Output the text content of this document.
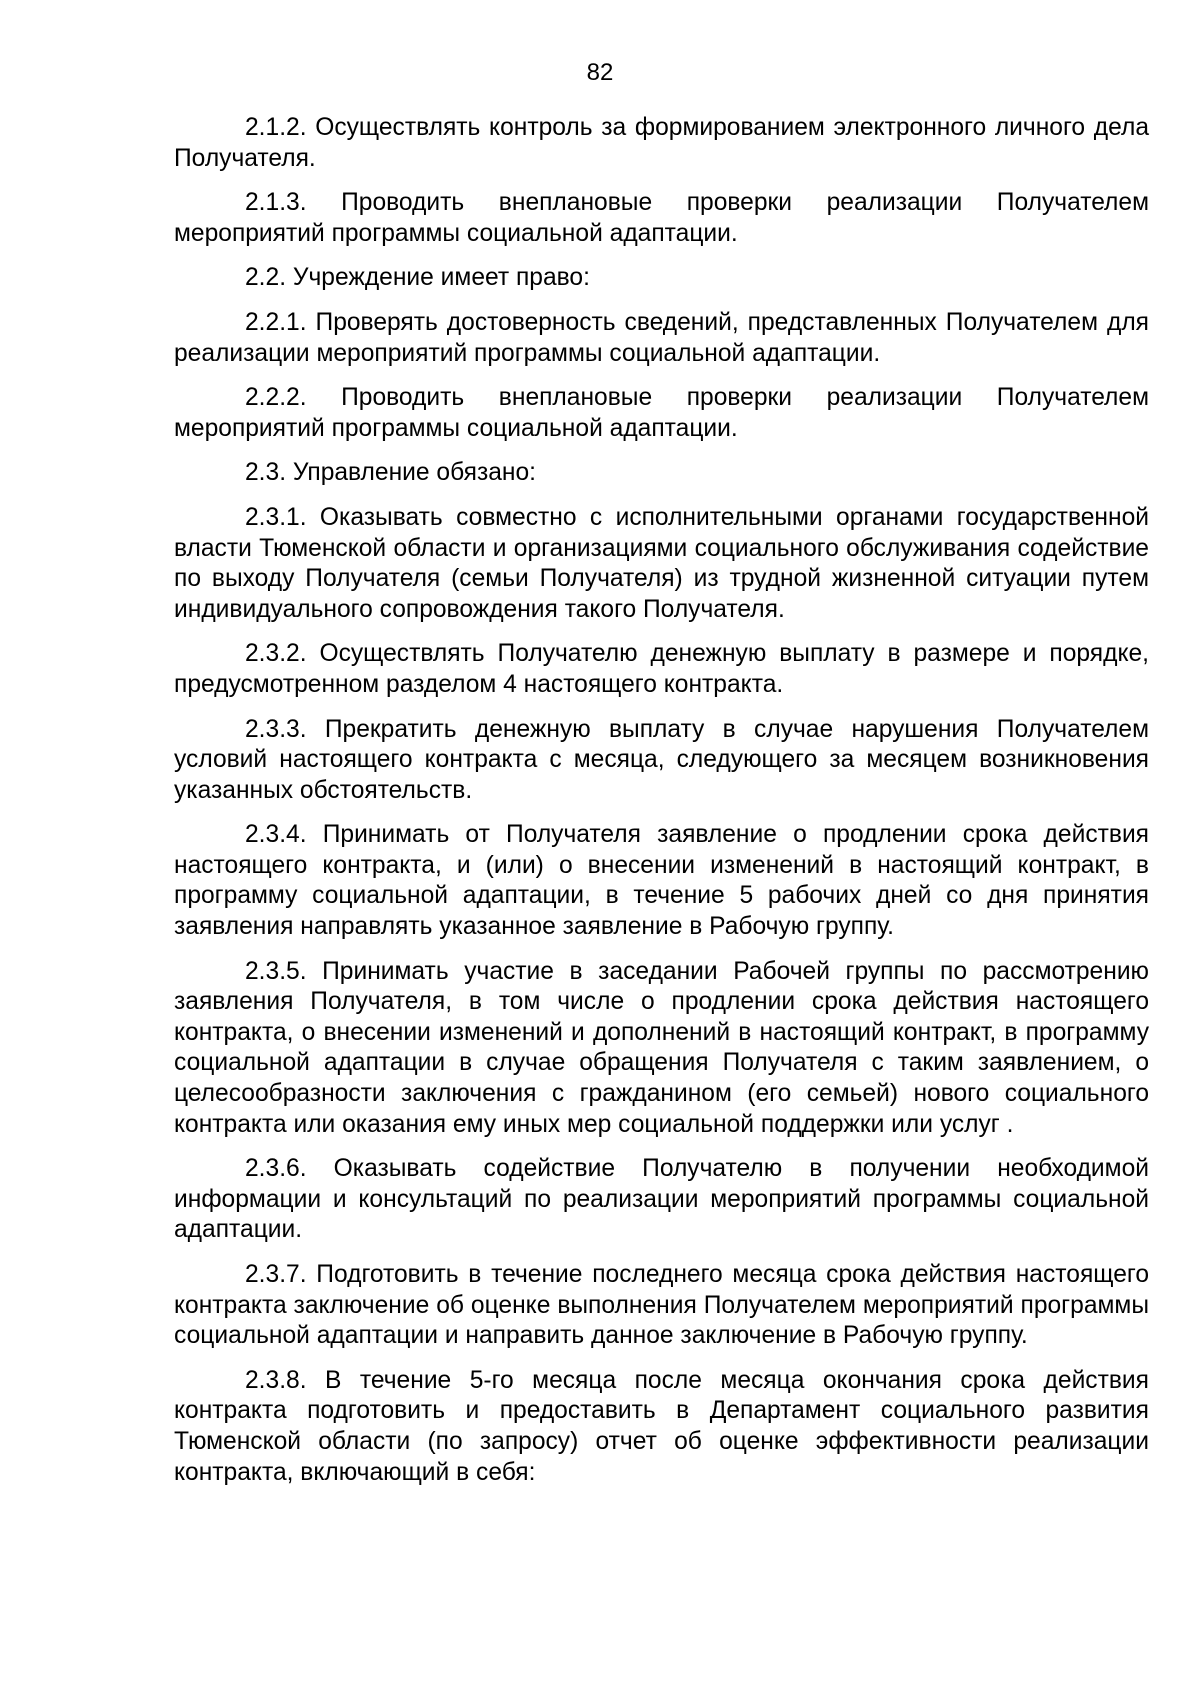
82

2.1.2. Осуществлять контроль за формированием электронного личного дела Получателя.

2.1.3. Проводить внеплановые проверки реализации Получателем мероприятий программы социальной адаптации.

2.2. Учреждение имеет право:

2.2.1. Проверять достоверность сведений, представленных Получателем для реализации мероприятий программы социальной адаптации.

2.2.2. Проводить внеплановые проверки реализации Получателем мероприятий программы социальной адаптации.

2.3. Управление обязано:

2.3.1. Оказывать совместно с исполнительными органами государственной власти Тюменской области и организациями социального обслуживания содействие по выходу Получателя (семьи Получателя) из трудной жизненной ситуации путем индивидуального сопровождения такого Получателя.

2.3.2. Осуществлять Получателю денежную выплату в размере и порядке, предусмотренном разделом 4 настоящего контракта.

2.3.3. Прекратить денежную выплату в случае нарушения Получателем условий настоящего контракта с месяца, следующего за месяцем возникновения указанных обстоятельств.

2.3.4. Принимать от Получателя заявление о продлении срока действия настоящего контракта, и (или) о внесении изменений в настоящий контракт, в программу социальной адаптации, в течение 5 рабочих дней со дня принятия заявления направлять указанное заявление в Рабочую группу.

2.3.5. Принимать участие в заседании Рабочей группы по рассмотрению заявления Получателя, в том числе о продлении срока действия настоящего контракта, о внесении изменений и дополнений в настоящий контракт, в программу социальной адаптации в случае обращения Получателя с таким заявлением, о целесообразности заключения с гражданином (его семьей) нового социального контракта или оказания ему иных мер социальной поддержки или услуг .

2.3.6. Оказывать содействие Получателю в получении необходимой информации и консультаций по реализации мероприятий программы социальной адаптации.

2.3.7. Подготовить в течение последнего месяца срока действия настоящего контракта заключение об оценке выполнения Получателем мероприятий программы социальной адаптации и направить данное заключение в Рабочую группу.

2.3.8. В течение 5-го месяца после месяца окончания срока действия контракта подготовить и предоставить в Департамент социального развития Тюменской области (по запросу) отчет об оценке эффективности реализации контракта, включающий в себя:
